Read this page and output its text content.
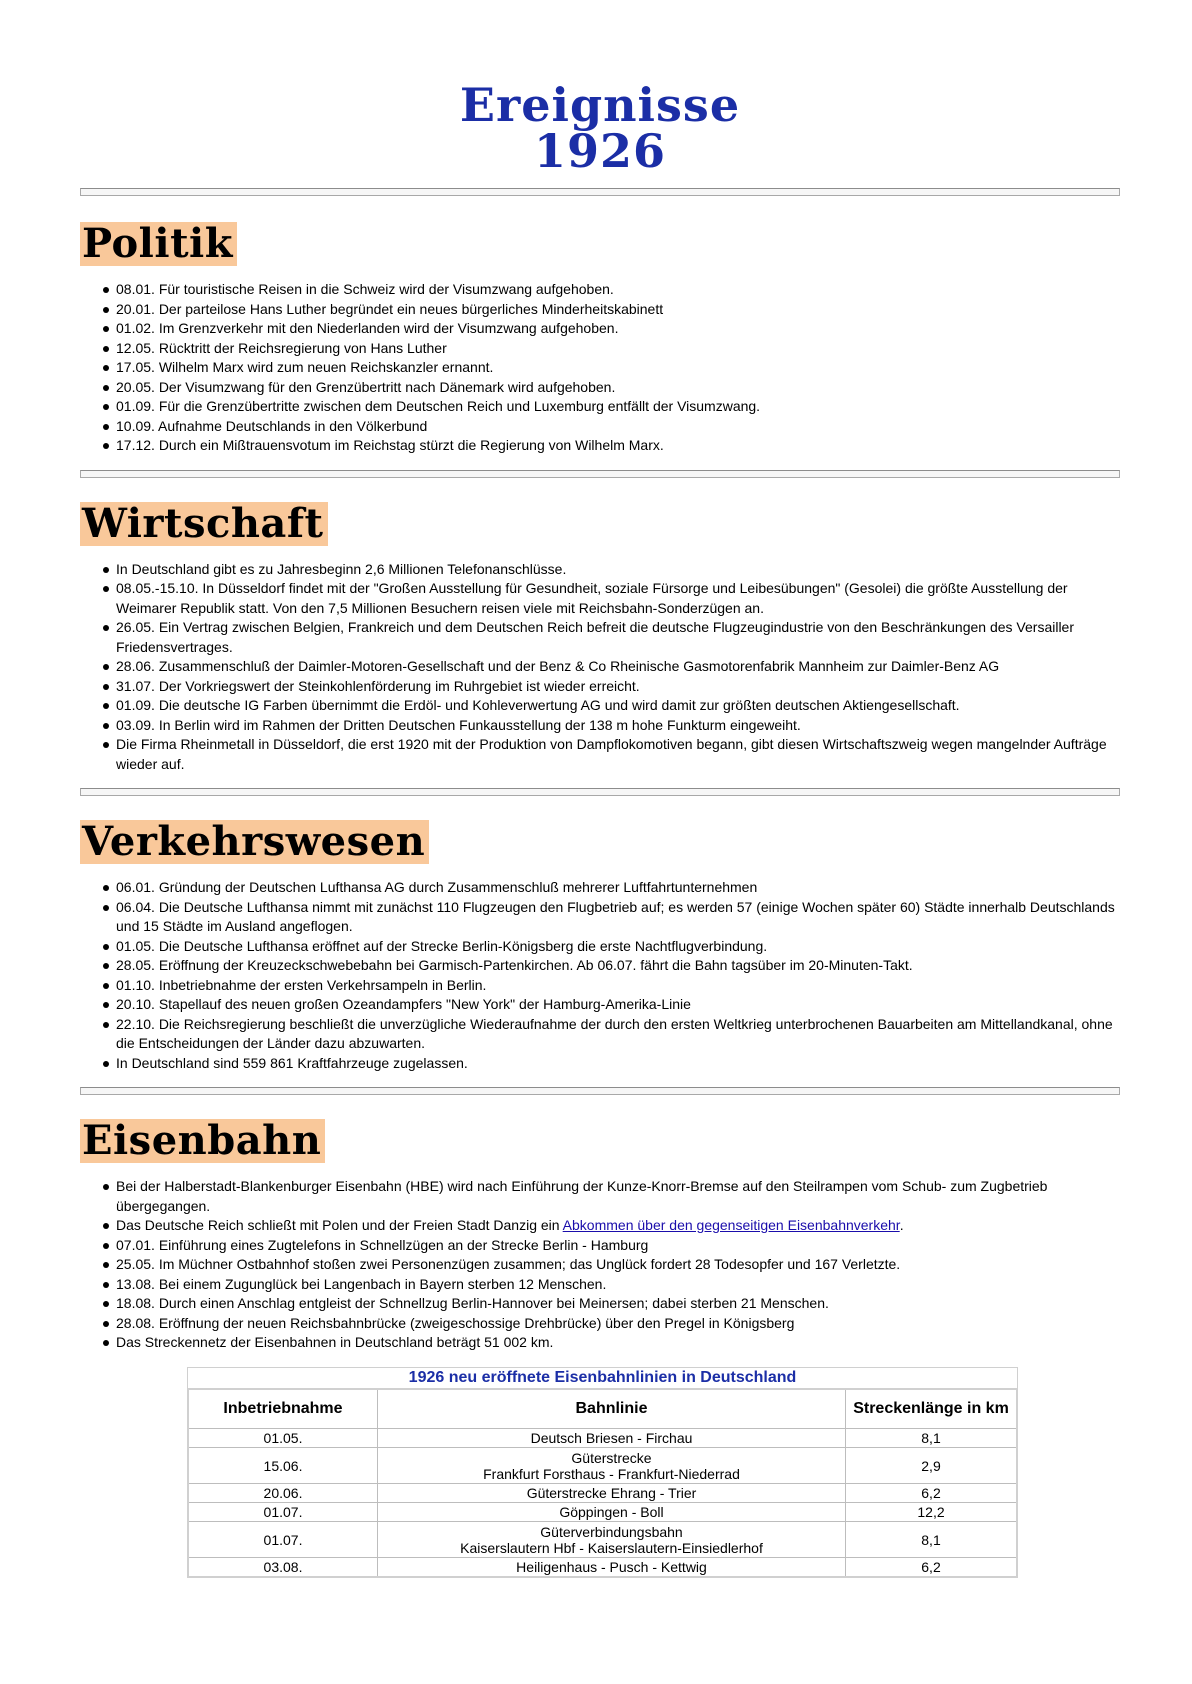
Ereignisse
1926
Politik
08.01. Für touristische Reisen in die Schweiz wird der Visumzwang aufgehoben.
20.01. Der parteilose Hans Luther begründet ein neues bürgerliches Minderheitskabinett
01.02. Im Grenzverkehr mit den Niederlanden wird der Visumzwang aufgehoben.
12.05. Rücktritt der Reichsregierung von Hans Luther
17.05. Wilhelm Marx wird zum neuen Reichskanzler ernannt.
20.05. Der Visumzwang für den Grenzübertritt nach Dänemark wird aufgehoben.
01.09. Für die Grenzübertritte zwischen dem Deutschen Reich und Luxemburg entfällt der Visumzwang.
10.09. Aufnahme Deutschlands in den Völkerbund
17.12. Durch ein Mißtrauensvotum im Reichstag stürzt die Regierung von Wilhelm Marx.
Wirtschaft
In Deutschland gibt es zu Jahresbeginn 2,6 Millionen Telefonanschlüsse.
08.05.-15.10. In Düsseldorf findet mit der "Großen Ausstellung für Gesundheit, soziale Fürsorge und Leibesübungen" (Gesolei) die größte Ausstellung der Weimarer Republik statt. Von den 7,5 Millionen Besuchern reisen viele mit Reichsbahn-Sonderzügen an.
26.05. Ein Vertrag zwischen Belgien, Frankreich und dem Deutschen Reich befreit die deutsche Flugzeugindustrie von den Beschränkungen des Versailler Friedensvertrages.
28.06. Zusammenschluß der Daimler-Motoren-Gesellschaft und der Benz & Co Rheinische Gasmotorenfabrik Mannheim zur Daimler-Benz AG
31.07. Der Vorkriegswert der Steinkohlenförderung im Ruhrgebiet ist wieder erreicht.
01.09. Die deutsche IG Farben übernimmt die Erdöl- und Kohleverwertung AG und wird damit zur größten deutschen Aktiengesellschaft.
03.09. In Berlin wird im Rahmen der Dritten Deutschen Funkausstellung der 138 m hohe Funkturm eingeweiht.
Die Firma Rheinmetall in Düsseldorf, die erst 1920 mit der Produktion von Dampflokomotiven begann, gibt diesen Wirtschaftszweig wegen mangelnder Aufträge wieder auf.
Verkehrswesen
06.01. Gründung der Deutschen Lufthansa AG durch Zusammenschluß mehrerer Luftfahrtunternehmen
06.04. Die Deutsche Lufthansa nimmt mit zunächst 110 Flugzeugen den Flugbetrieb auf; es werden 57 (einige Wochen später 60) Städte innerhalb Deutschlands und 15 Städte im Ausland angeflogen.
01.05. Die Deutsche Lufthansa eröffnet auf der Strecke Berlin-Königsberg die erste Nachtflugverbindung.
28.05. Eröffnung der Kreuzeckschwebebahn bei Garmisch-Partenkirchen. Ab 06.07. fährt die Bahn tagsüber im 20-Minuten-Takt.
01.10. Inbetriebnahme der ersten Verkehrsampeln in Berlin.
20.10. Stapellauf des neuen großen Ozeandampfers "New York" der Hamburg-Amerika-Linie
22.10. Die Reichsregierung beschließt die unverzügliche Wiederaufnahme der durch den ersten Weltkrieg unterbrochenen Bauarbeiten am Mittellandkanal, ohne die Entscheidungen der Länder dazu abzuwarten.
In Deutschland sind 559 861 Kraftfahrzeuge zugelassen.
Eisenbahn
Bei der Halberstadt-Blankenburger Eisenbahn (HBE) wird nach Einführung der Kunze-Knorr-Bremse auf den Steilrampen vom Schub- zum Zugbetrieb übergegangen.
Das Deutsche Reich schließt mit Polen und der Freien Stadt Danzig ein Abkommen über den gegenseitigen Eisenbahnverkehr.
07.01. Einführung eines Zugtelefons in Schnellzügen an der Strecke Berlin - Hamburg
25.05. Im Müchner Ostbahnhof stoßen zwei Personenzügen zusammen; das Unglück fordert 28 Todesopfer und 167 Verletzte.
13.08. Bei einem Zugunglück bei Langenbach in Bayern sterben 12 Menschen.
18.08. Durch einen Anschlag entgleist der Schnellzug Berlin-Hannover bei Meinersen; dabei sterben 21 Menschen.
28.08. Eröffnung der neuen Reichsbahnbrücke (zweigeschossige Drehbrücke) über den Pregel in Königsberg
Das Streckennetz der Eisenbahnen in Deutschland beträgt 51 002 km.
1926 neu eröffnete Eisenbahnlinien in Deutschland
Inbetriebnahme	Bahnlinie	Streckenlänge in km
01.05.	Deutsch Briesen - Firchau	8,1
15.06.	Güterstrecke
Frankfurt Forsthaus - Frankfurt-Niederrad	2,9
20.06.	Güterstrecke Ehrang - Trier	6,2
01.07.	Göppingen - Boll	12,2
01.07.	Güterverbindungsbahn
Kaiserslautern Hbf - Kaiserslautern-Einsiedlerhof	8,1
03.08.	Heiligenhaus - Pusch - Kettwig	6,2
